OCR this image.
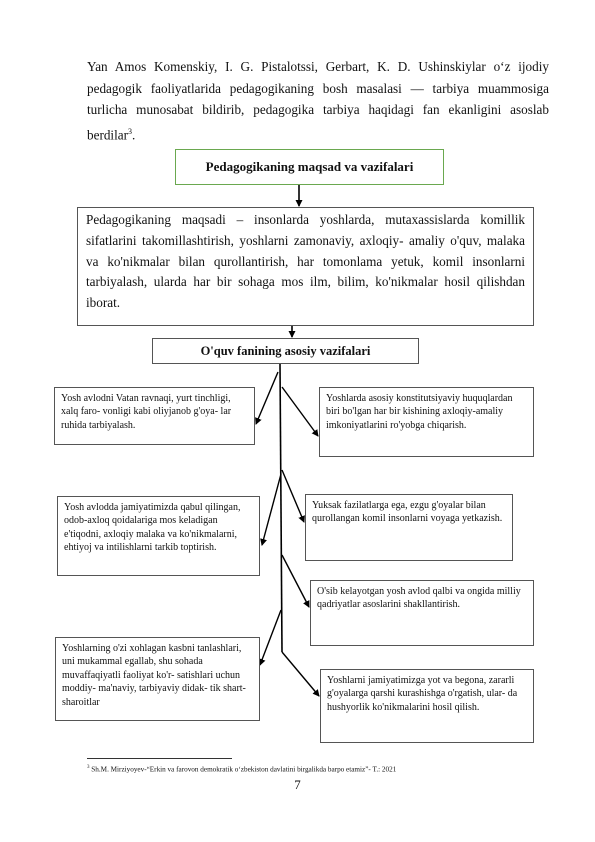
Yan Amos Komenskiy, I. G. Pistalotssi, Gerbart, K. D. Ushinskiylar o‘z ijodiy pedagogik faoliyatlarida pedagogikaning bosh masalasi — tarbiya muammosiga turlicha munosabat bildirib, pedagogika tarbiya haqidagi fan ekanligini asoslab berdilar$^3$.
Pedagogikaning maqsad va vazifalari
Pedagogikaning maqsadi – insonlarda yoshlarda, mutaxassislarda komillik sifatlarini takomillashtirish, yoshlarni zamonaviy, axloqiy- amaliy o'quv, malaka va ko'nikmalar bilan qurollantirish, har tomonlama yetuk, komil insonlarni tarbiyalash, ularda har bir sohaga mos ilm, bilim, ko'nikmalar hosil qilishdan iborat.
O'quv fanining asosiy vazifalari
Yosh avlodni Vatan ravnaqi, yurt tinchligi, xalq faro- vonligi kabi oliyjanob g'oya- lar ruhida tarbiyalash.
Yoshlarda asosiy konstitutsiyaviy huquqlardan biri bo'lgan har bir kishining axloqiy-amaliy imkoniyatlarini ro'yobga chiqarish.
Yosh avlodda jamiyatimizda qabul qilingan, odob-axloq qoidalariga mos keladigan e'tiqodni, axloqiy malaka va ko'nikmalarni, ehtiyoj va intilishlarni tarkib toptirish.
Yuksak fazilatlarga ega, ezgu g'oyalar bilan qurollangan komil insonlarni voyaga yetkazish.
O'sib kelayotgan yosh avlod qalbi va ongida milliy qadriyatlar asoslarini shakllantirish.
Yoshlarning o'zi xohlagan kasbni tanlashlari, uni mukammal egallab, shu sohada muvaffaqiyatli faoliyat ko'r- satishlari uchun moddiy- ma'naviy, tarbiyaviy didak- tik shart-sharoitlar
Yoshlarni jamiyatimizga yot va begona, zararli g'oyalarga qarshi kurashishga o'rgatish, ular- da hushyorlik ko'nikmalarini hosil qilish.
$^3$ Sh.M. Mirziyoyev-“Erkin va farovon demokratik o‘zbekiston davlatini birgalikda barpo etamiz”- T.: 2021
7
